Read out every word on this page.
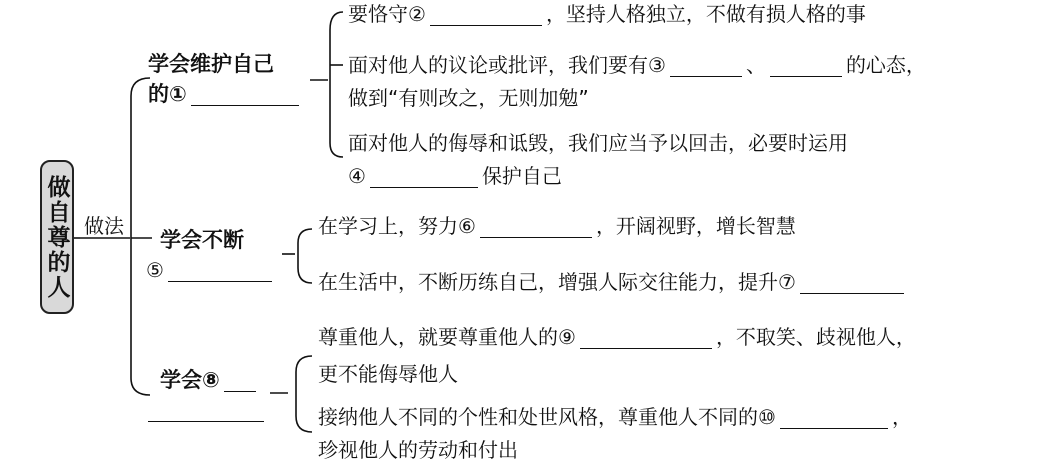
做自尊的人 做法
学会维护自己
的①
要恪守②	，坚持人格独立，不做有损人格的事
面对他人的议论或批评，我们要有③	、	的心态，
做到“有则改之，无则加勉”
面对他人的侮辱和诋毁，我们应当予以回击，必要时运用
④	保护自己
学会不断
⑤
在学习上，努力⑥	，开阔视野，增长智慧
在生活中，不断历练自己，增强人际交往能力，提升⑦
学会⑧
尊重他人，就要尊重他人的⑨	，不取笑、歧视他人，
更不能侮辱他人
接纳他人不同的个性和处世风格，尊重他人不同的⑩	，
珍视他人的劳动和付出
